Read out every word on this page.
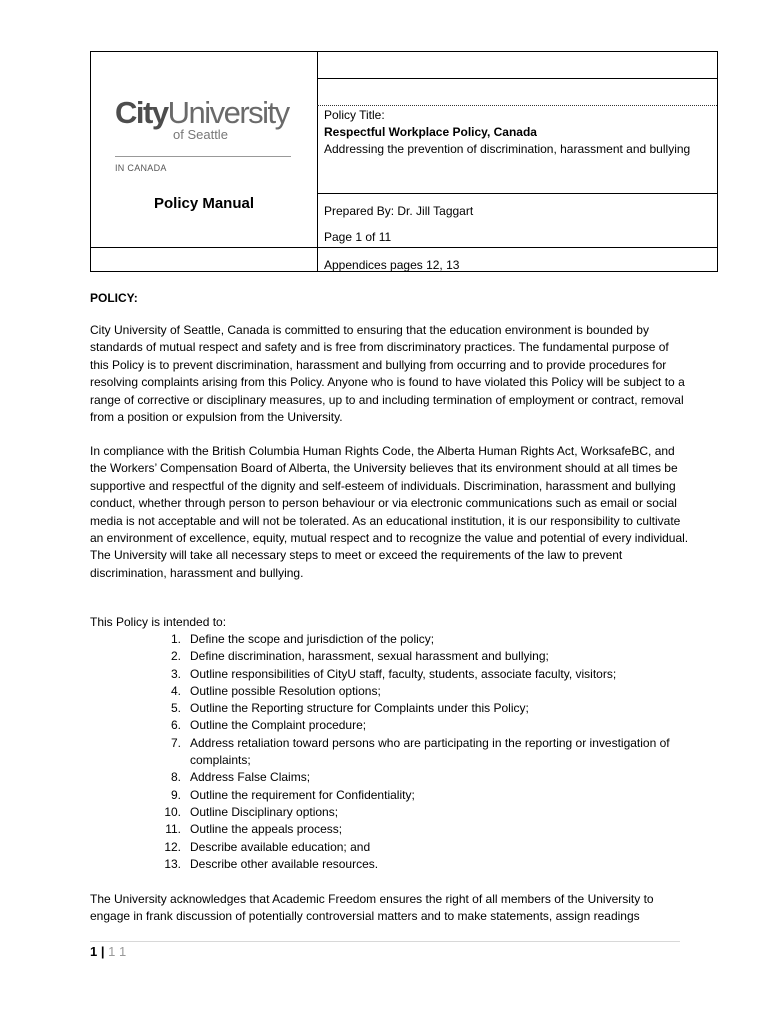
CityUniversity
of Seattle
IN CANADA
Policy Manual
Policy Title:
Respectful Workplace Policy, Canada
Addressing the prevention of discrimination, harassment and bullying
Prepared By: Dr. Jill Taggart
Page 1 of 11
Appendices pages 12, 13
POLICY:
City University of Seattle, Canada is committed to ensuring that the education environment is bounded by standards of mutual respect and safety and is free from discriminatory practices. The fundamental purpose of this Policy is to prevent discrimination, harassment and bullying from occurring and to provide procedures for resolving complaints arising from this Policy. Anyone who is found to have violated this Policy will be subject to a range of corrective or disciplinary measures, up to and including termination of employment or contract, removal from a position or expulsion from the University.
In compliance with the British Columbia Human Rights Code, the Alberta Human Rights Act, WorksafeBC, and the Workers’ Compensation Board of Alberta, the University believes that its environment should at all times be supportive and respectful of the dignity and self-esteem of individuals. Discrimination, harassment and bullying conduct, whether through person to person behaviour or via electronic communications such as email or social media is not acceptable and will not be tolerated. As an educational institution, it is our responsibility to cultivate an environment of excellence, equity, mutual respect and to recognize the value and potential of every individual. The University will take all necessary steps to meet or exceed the requirements of the law to prevent discrimination, harassment and bullying.
This Policy is intended to:
1. Define the scope and jurisdiction of the policy;
2. Define discrimination, harassment, sexual harassment and bullying;
3. Outline responsibilities of CityU staff, faculty, students, associate faculty, visitors;
4. Outline possible Resolution options;
5. Outline the Reporting structure for Complaints under this Policy;
6. Outline the Complaint procedure;
7. Address retaliation toward persons who are participating in the reporting or investigation of complaints;
8. Address False Claims;
9. Outline the requirement for Confidentiality;
10. Outline Disciplinary options;
11. Outline the appeals process;
12. Describe available education; and
13. Describe other available resources.
The University acknowledges that Academic Freedom ensures the right of all members of the University to engage in frank discussion of potentially controversial matters and to make statements, assign readings
1 | 1 1
